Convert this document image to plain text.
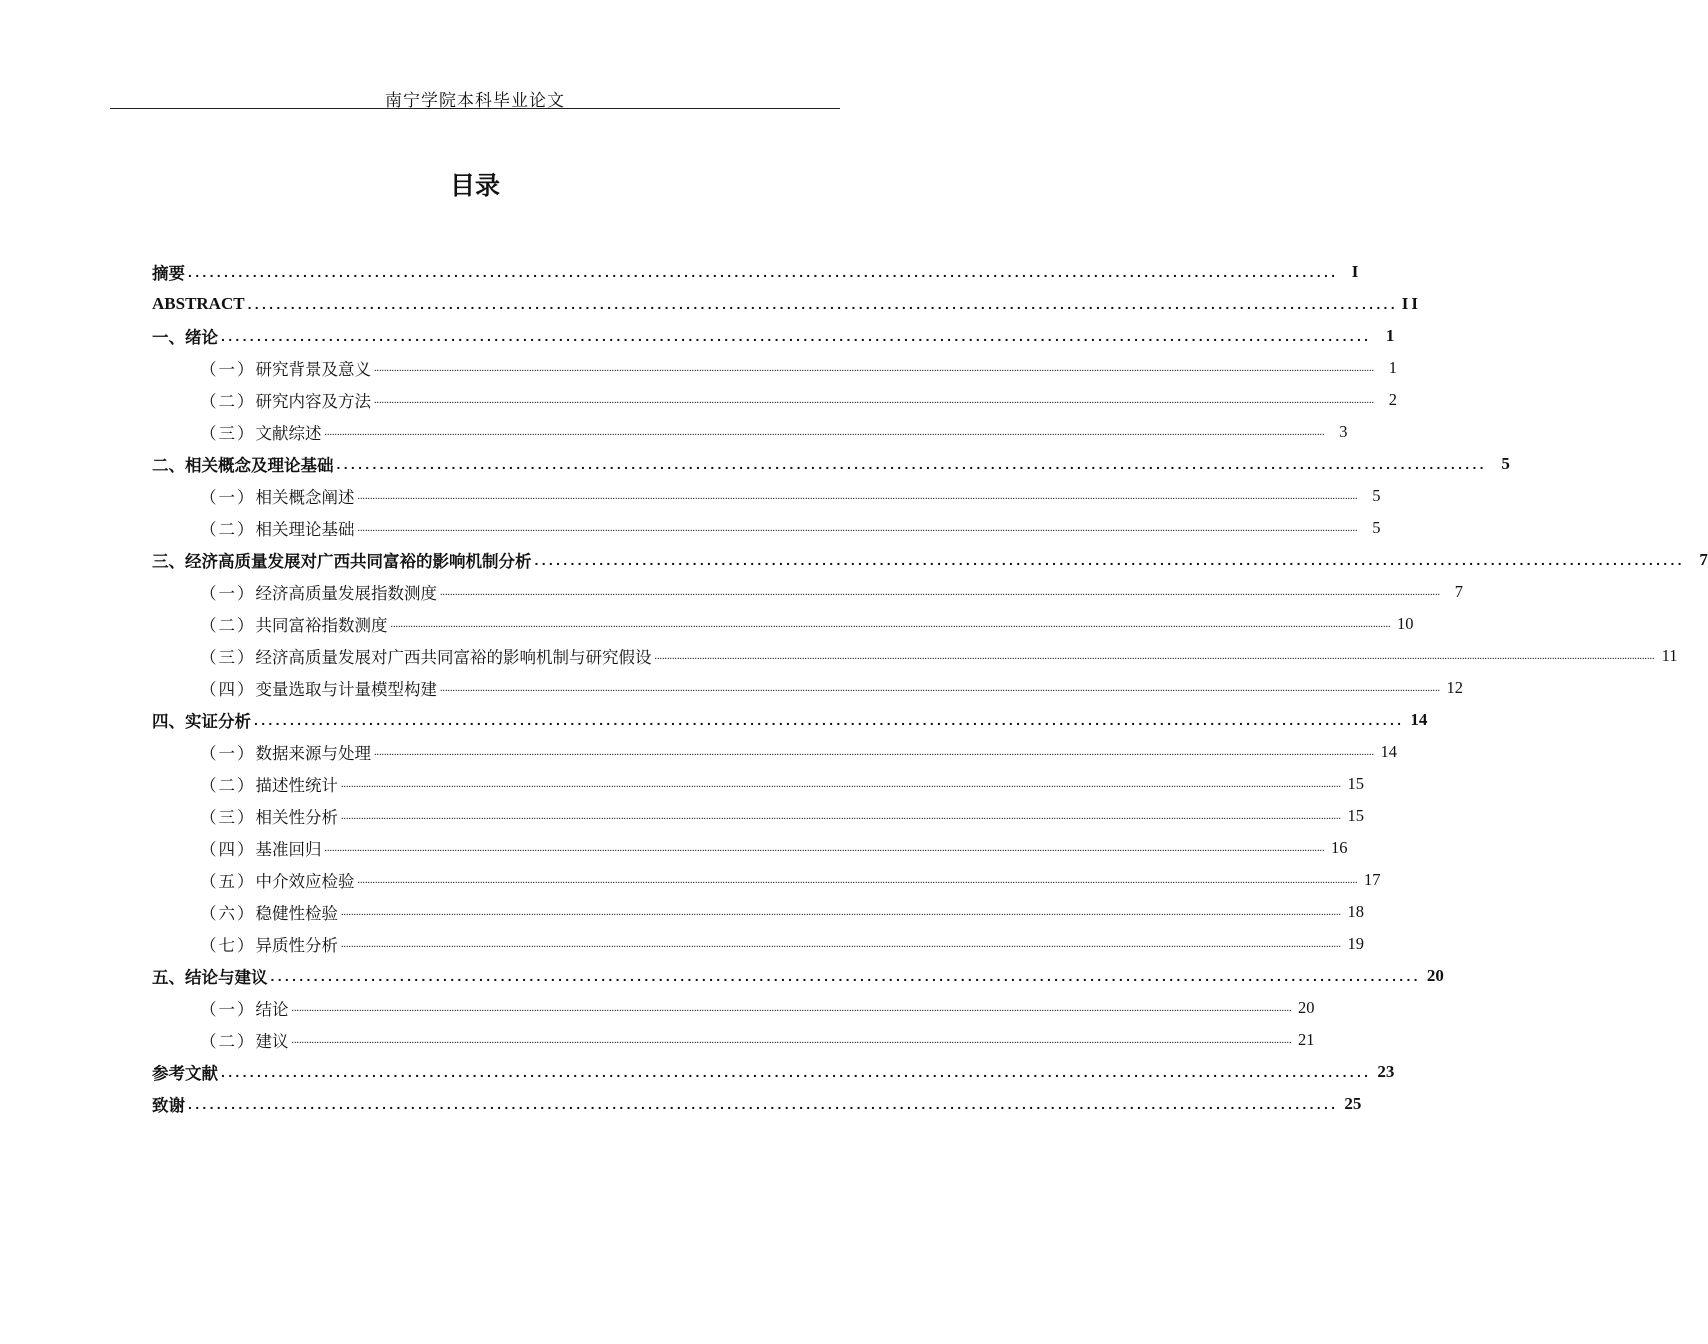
南宁学院本科毕业论文
目录
摘要 ................................................................................................................................................................ I
ABSTRACT ................................................................................................................................................................ II
一、 绪论 ................................................................................................................................................................ 1
（一） 研究背景及意义 ................................................................................................................................................................................................................................................................................................................................................................................................................ 1
（二） 研究内容及方法 ................................................................................................................................................................................................................................................................................................................................................................................................................ 2
（三） 文献综述 ................................................................................................................................................................................................................................................................................................................................................................................................................ 3
二、 相关概念及理论基础 ................................................................................................................................................................ 5
（一） 相关概念阐述 ................................................................................................................................................................................................................................................................................................................................................................................................................ 5
（二） 相关理论基础 ................................................................................................................................................................................................................................................................................................................................................................................................................ 5
三、 经济高质量发展对广西共同富裕的影响机制分析 ................................................................................................................................................................ 7
（一） 经济高质量发展指数测度 ................................................................................................................................................................................................................................................................................................................................................................................................................ 7
（二） 共同富裕指数测度 ................................................................................................................................................................................................................................................................................................................................................................................................................ 10
（三） 经济高质量发展对广西共同富裕的影响机制与研究假设 ................................................................................................................................................................................................................................................................................................................................................................................................................ 11
（四） 变量选取与计量模型构建 ................................................................................................................................................................................................................................................................................................................................................................................................................ 12
四、 实证分析 ................................................................................................................................................................ 14
（一） 数据来源与处理 ................................................................................................................................................................................................................................................................................................................................................................................................................ 14
（二） 描述性统计 ................................................................................................................................................................................................................................................................................................................................................................................................................ 15
（三） 相关性分析 ................................................................................................................................................................................................................................................................................................................................................................................................................ 15
（四） 基准回归 ................................................................................................................................................................................................................................................................................................................................................................................................................ 16
（五） 中介效应检验 ................................................................................................................................................................................................................................................................................................................................................................................................................ 17
（六） 稳健性检验 ................................................................................................................................................................................................................................................................................................................................................................................................................ 18
（七） 异质性分析 ................................................................................................................................................................................................................................................................................................................................................................................................................ 19
五、 结论与建议 ................................................................................................................................................................ 20
（一） 结论 ................................................................................................................................................................................................................................................................................................................................................................................................................ 20
（二） 建议 ................................................................................................................................................................................................................................................................................................................................................................................................................ 21
参考文献 ................................................................................................................................................................ 23
致谢 ................................................................................................................................................................ 25
